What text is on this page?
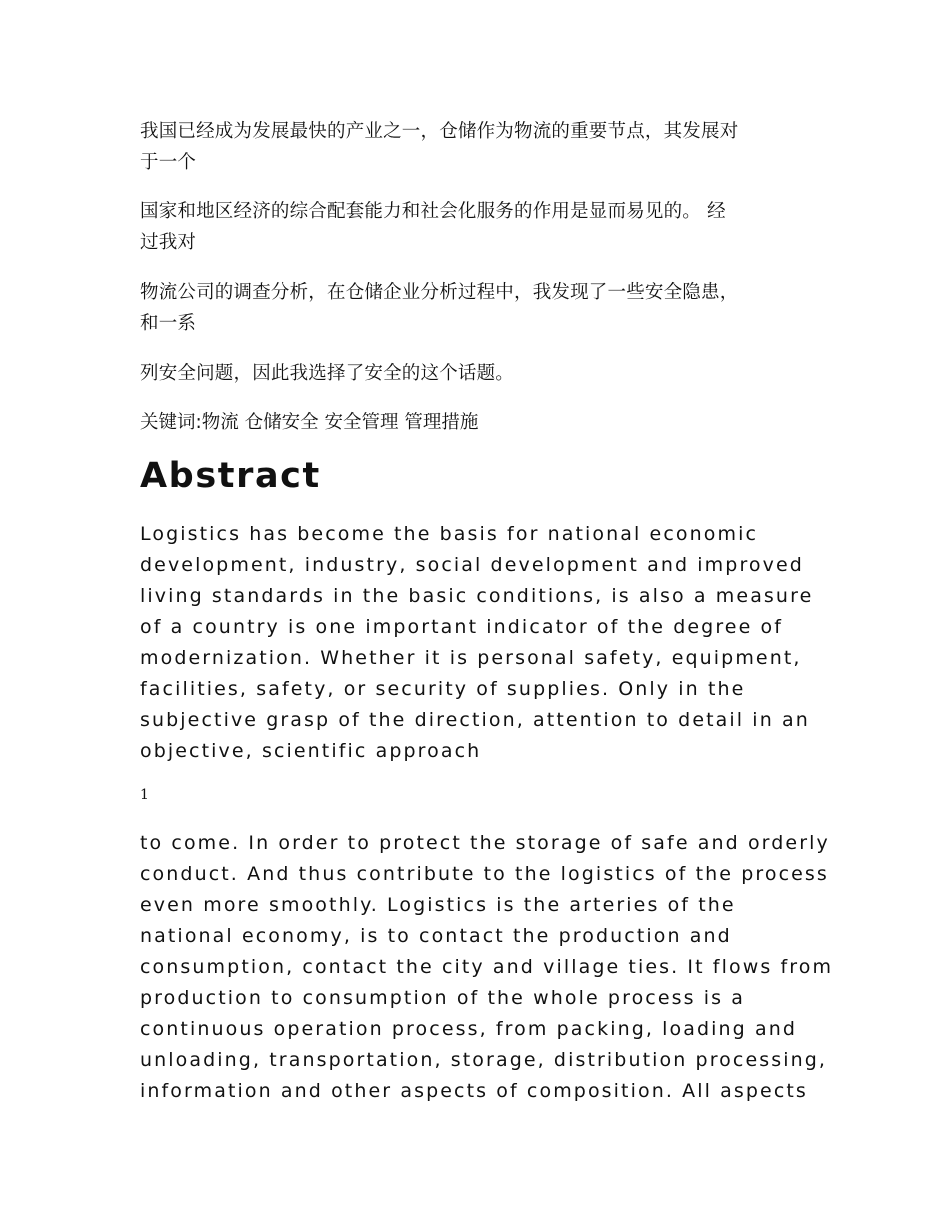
我国已经成为发展最快的产业之一，仓储作为物流的重要节点，其发展对
于一个

国家和地区经济的综合配套能力和社会化服务的作用是显而易见的。 经
过我对

物流公司的调查分析，在仓储企业分析过程中，我发现了一些安全隐患，
和一系

列安全问题，因此我选择了安全的这个话题。

关键词:物流 仓储安全 安全管理 管理措施

Abstract

Logistics has become the basis for national economic
development, industry, social development and improved
living standards in the basic conditions, is also a measure
of a country is one important indicator of the degree of
modernization. Whether it is personal safety, equipment,
facilities, safety, or security of supplies. Only in the
subjective grasp of the direction, attention to detail in an
objective, scientific approach

1

to come. In order to protect the storage of safe and orderly
conduct. And thus contribute to the logistics of the process
even more smoothly. Logistics is the arteries of the
national economy, is to contact the production and
consumption, contact the city and village ties. It flows from
production to consumption of the whole process is a
continuous operation process, from packing, loading and
unloading, transportation, storage, distribution processing,
information and other aspects of composition. All aspects
